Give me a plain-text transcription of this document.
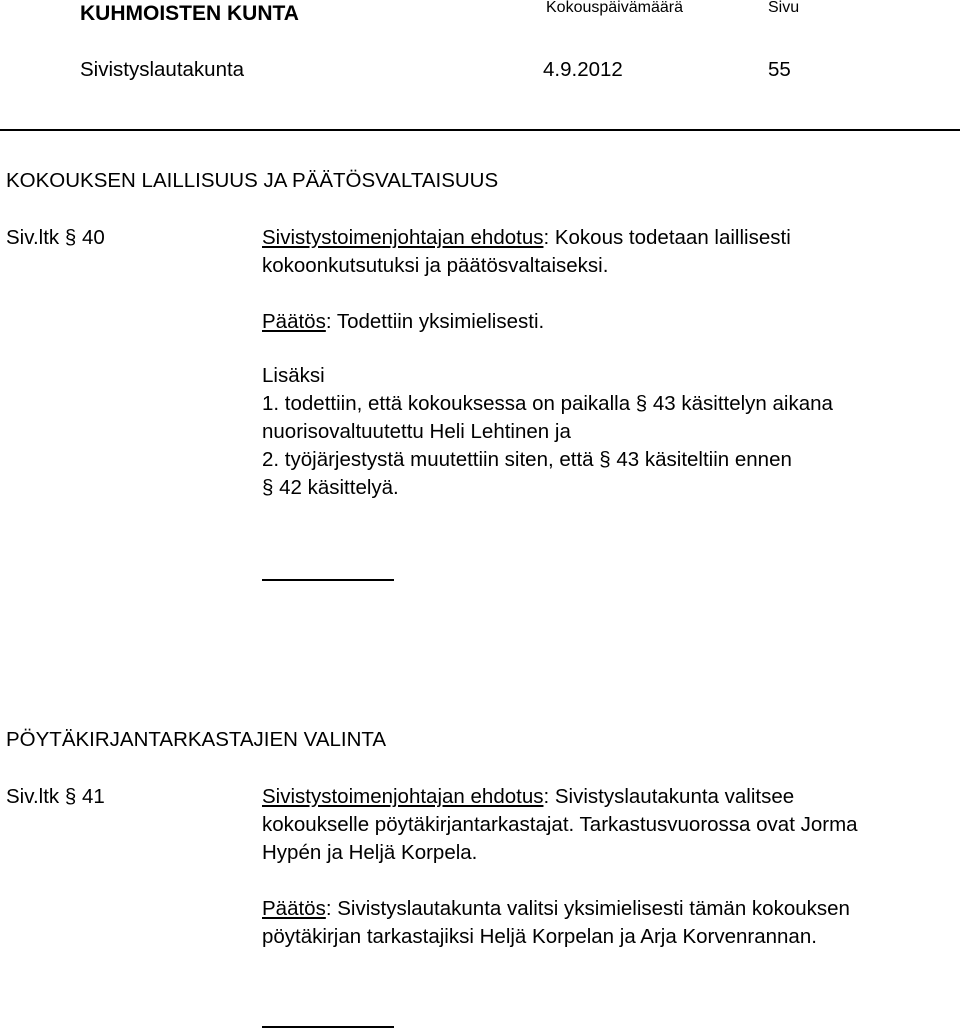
KUHMOISTEN KUNTA	Kokouspäivämäärä	Sivu
Sivistyslautakunta	4.9.2012	55
KOKOUKSEN LAILLISUUS JA PÄÄTÖSVALTAISUUS
Siv.ltk § 40	Sivistystoimenjohtajan ehdotus: Kokous todetaan laillisesti
kokoonkutsutuksi ja päätösvaltaiseksi.
Päätös: Todettiin yksimielisesti.
Lisäksi
1. todettiin, että kokouksessa on paikalla § 43 käsittelyn aikana
nuorisovaltuutettu Heli Lehtinen ja
2. työjärjestystä muutettiin siten, että § 43 käsiteltiin ennen
§ 42 käsittelyä.
PÖYTÄKIRJANTARKASTAJIEN VALINTA
Siv.ltk § 41	Sivistystoimenjohtajan ehdotus: Sivistyslautakunta valitsee
kokoukselle pöytäkirjantarkastajat. Tarkastusvuorossa ovat Jorma
Hypén ja Heljä Korpela.
Päätös: Sivistyslautakunta valitsi yksimielisesti tämän kokouksen
pöytäkirjan tarkastajiksi Heljä Korpelan ja Arja Korvenrannan.
